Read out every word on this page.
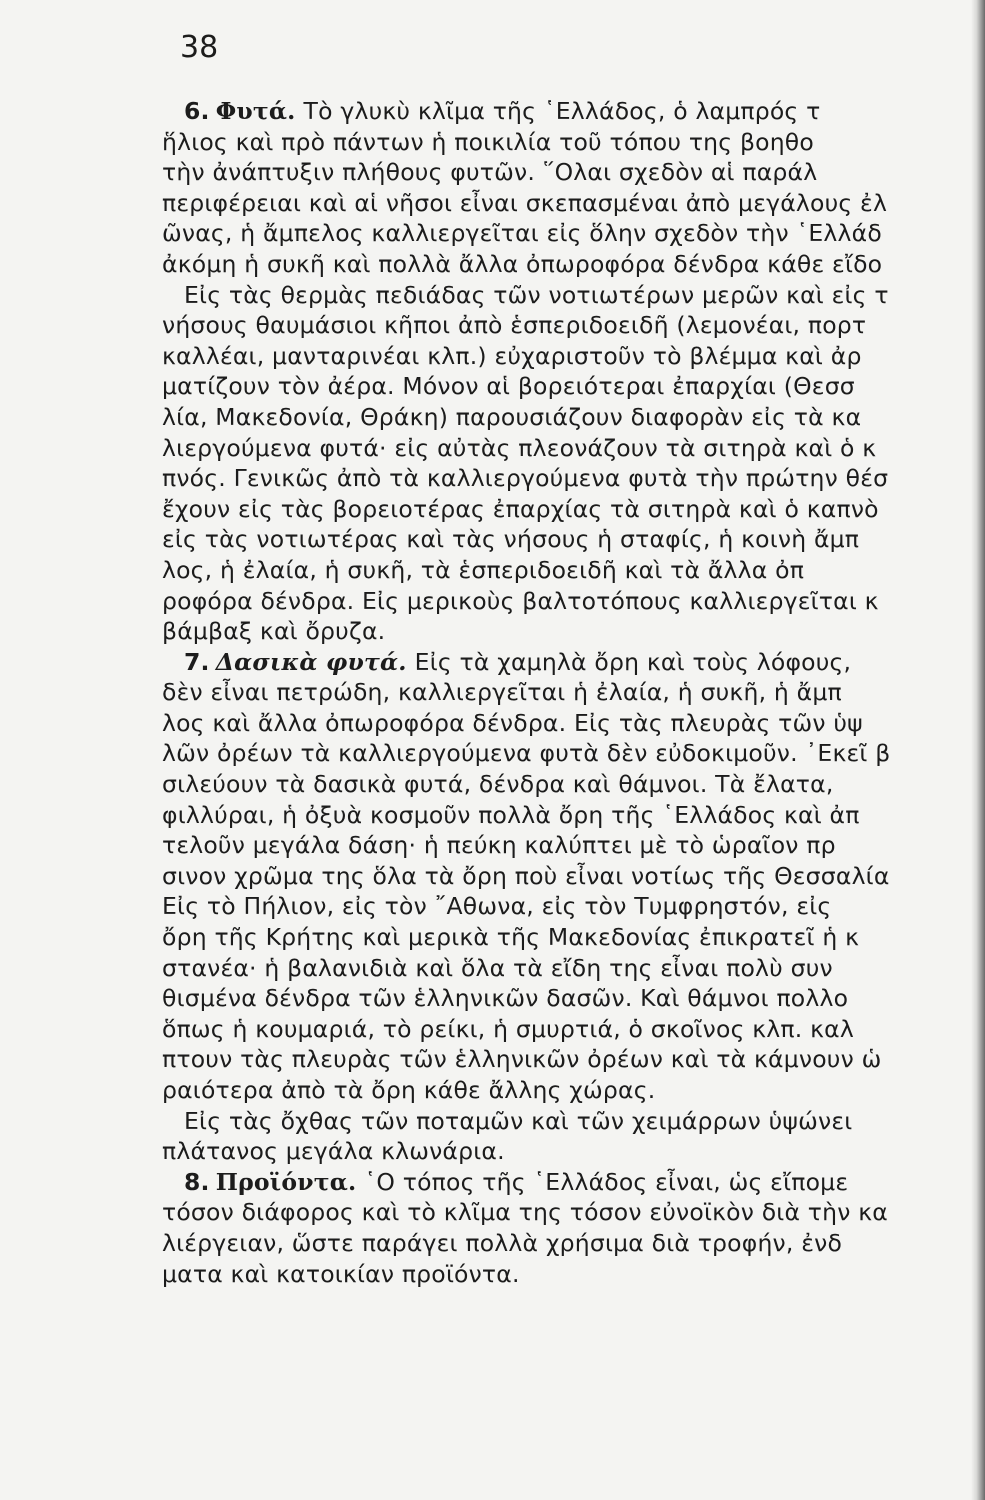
38
6. Φυτά. Τὸ γλυκὺ κλῖμα τῆς ῾Ελλάδος, ὁ λαμπρός τ
ἥλιος καὶ πρὸ πάντων ἡ ποικιλία τοῦ τόπου της βοηθο
τὴν ἀνάπτυξιν πλήθους φυτῶν. ῞Ολαι σχεδὸν αἱ παράλ
περιφέρειαι καὶ αἱ νῆσοι εἶναι σκεπασμέναι ἀπὸ μεγάλους ἐλ
ῶνας, ἡ ἄμπελος καλλιεργεῖται εἰς ὅλην σχεδὸν τὴν ῾Ελλάδ
ἀκόμη ἡ συκῆ καὶ πολλὰ ἄλλα ὀπωροφόρα δένδρα κάθε εἴδο
Εἰς τὰς θερμὰς πεδιάδας τῶν νοτιωτέρων μερῶν καὶ εἰς τ
νήσους θαυμάσιοι κῆποι ἀπὸ ἑσπεριδοειδῆ (λεμονέαι, πορτ
καλλέαι, μανταρινέαι κλπ.) εὐχαριστοῦν τὸ βλέμμα καὶ ἀρ
ματίζουν τὸν ἀέρα. Μόνον αἱ βορειότεραι ἐπαρχίαι (Θεσσ
λία, Μακεδονία, Θράκη) παρουσιάζουν διαφορὰν εἰς τὰ κα
λιεργούμενα φυτά· εἰς αὐτὰς πλεονάζουν τὰ σιτηρὰ καὶ ὁ κ
πνός. Γενικῶς ἀπὸ τὰ καλλιεργούμενα φυτὰ τὴν πρώτην θέσ
ἔχουν εἰς τὰς βορειοτέρας ἐπαρχίας τὰ σιτηρὰ καὶ ὁ καπνὸ
εἰς τὰς νοτιωτέρας καὶ τὰς νήσους ἡ σταφίς, ἡ κοινὴ ἄμπ
λος, ἡ ἐλαία, ἡ συκῆ, τὰ ἑσπεριδοειδῆ καὶ τὰ ἄλλα ὀπ
ροφόρα δένδρα. Εἰς μερικοὺς βαλτοτόπους καλλιεργεῖται κ
βάμβαξ καὶ ὄρυζα.
7. Δασικὰ φυτά. Εἰς τὰ χαμηλὰ ὄρη καὶ τοὺς λόφους,
δὲν εἶναι πετρώδη, καλλιεργεῖται ἡ ἐλαία, ἡ συκῆ, ἡ ἄμπ
λος καὶ ἄλλα ὀπωροφόρα δένδρα. Εἰς τὰς πλευρὰς τῶν ὑψ
λῶν ὀρέων τὰ καλλιεργούμενα φυτὰ δὲν εὐδοκιμοῦν. ᾿Εκεῖ β
σιλεύουν τὰ δασικὰ φυτά, δένδρα καὶ θάμνοι. Τὰ ἔλατα,
φιλλύραι, ἡ ὀξυὰ κοσμοῦν πολλὰ ὄρη τῆς ῾Ελλάδος καὶ ἀπ
τελοῦν μεγάλα δάση· ἡ πεύκη καλύπτει μὲ τὸ ὡραῖον πρ
σινον χρῶμα της ὅλα τὰ ὄρη ποὺ εἶναι νοτίως τῆς Θεσσαλία
Εἰς τὸ Πήλιον, εἰς τὸν ῎Αθωνα, εἰς τὸν Τυμφρηστόν, εἰς
ὄρη τῆς Κρήτης καὶ μερικὰ τῆς Μακεδονίας ἐπικρατεῖ ἡ κ
στανέα· ἡ βαλανιδιὰ καὶ ὅλα τὰ εἴδη της εἶναι πολὺ συν
θισμένα δένδρα τῶν ἑλληνικῶν δασῶν. Καὶ θάμνοι πολλο
ὅπως ἡ κουμαριά, τὸ ρείκι, ἡ σμυρτιά, ὁ σκοῖνος κλπ. καλ
πτουν τὰς πλευρὰς τῶν ἑλληνικῶν ὀρέων καὶ τὰ κάμνουν ὡ
ραιότερα ἀπὸ τὰ ὄρη κάθε ἄλλης χώρας.
Εἰς τὰς ὄχθας τῶν ποταμῶν καὶ τῶν χειμάρρων ὑψώνει
πλάτανος μεγάλα κλωνάρια.
8. Προϊόντα. ῾Ο τόπος τῆς ῾Ελλάδος εἶναι, ὡς εἴπομε
τόσον διάφορος καὶ τὸ κλῖμα της τόσον εὐνοϊκὸν διὰ τὴν κα
λιέργειαν, ὥστε παράγει πολλὰ χρήσιμα διὰ τροφήν, ἐνδ
ματα καὶ κατοικίαν προϊόντα.
